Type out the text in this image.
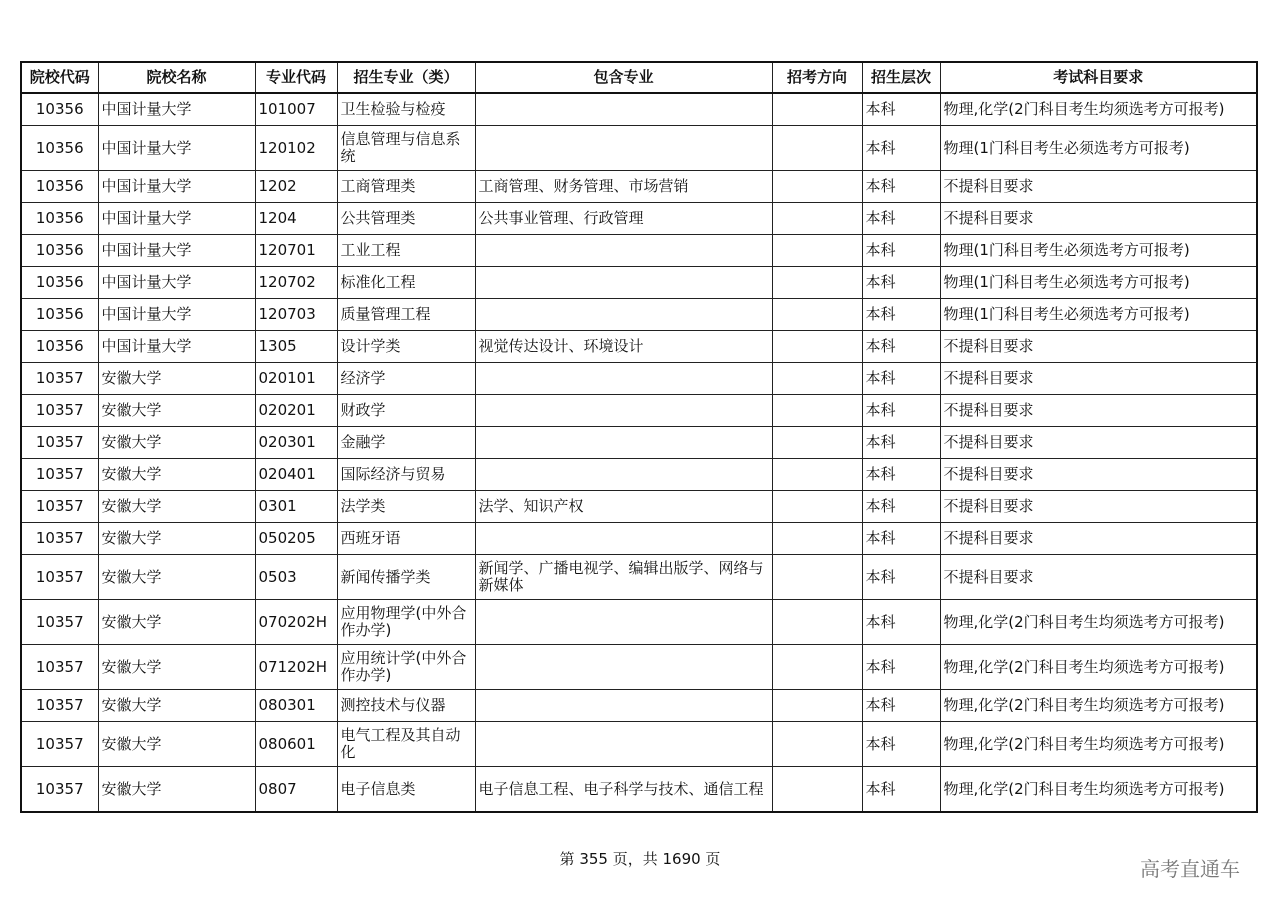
院校代码	院校名称	专业代码	招生专业（类）	包含专业	招考方向	招生层次	考试科目要求
10356	中国计量大学	101007	卫生检验与检疫			本科	物理,化学(2门科目考生均须选考方可报考)
10356	中国计量大学	120102	信息管理与信息系统			本科	物理(1门科目考生必须选考方可报考)
10356	中国计量大学	1202	工商管理类	工商管理、财务管理、市场营销		本科	不提科目要求
10356	中国计量大学	1204	公共管理类	公共事业管理、行政管理		本科	不提科目要求
10356	中国计量大学	120701	工业工程			本科	物理(1门科目考生必须选考方可报考)
10356	中国计量大学	120702	标准化工程			本科	物理(1门科目考生必须选考方可报考)
10356	中国计量大学	120703	质量管理工程			本科	物理(1门科目考生必须选考方可报考)
10356	中国计量大学	1305	设计学类	视觉传达设计、环境设计		本科	不提科目要求
10357	安徽大学	020101	经济学			本科	不提科目要求
10357	安徽大学	020201	财政学			本科	不提科目要求
10357	安徽大学	020301	金融学			本科	不提科目要求
10357	安徽大学	020401	国际经济与贸易			本科	不提科目要求
10357	安徽大学	0301	法学类	法学、知识产权		本科	不提科目要求
10357	安徽大学	050205	西班牙语			本科	不提科目要求
10357	安徽大学	0503	新闻传播学类	新闻学、广播电视学、编辑出版学、网络与新媒体		本科	不提科目要求
10357	安徽大学	070202H	应用物理学(中外合作办学)			本科	物理,化学(2门科目考生均须选考方可报考)
10357	安徽大学	071202H	应用统计学(中外合作办学)			本科	物理,化学(2门科目考生均须选考方可报考)
10357	安徽大学	080301	测控技术与仪器			本科	物理,化学(2门科目考生均须选考方可报考)
10357	安徽大学	080601	电气工程及其自动化			本科	物理,化学(2门科目考生均须选考方可报考)
10357	安徽大学	0807	电子信息类	电子信息工程、电子科学与技术、通信工程		本科	物理,化学(2门科目考生均须选考方可报考)
第 355 页，共 1690 页	高考直通车
